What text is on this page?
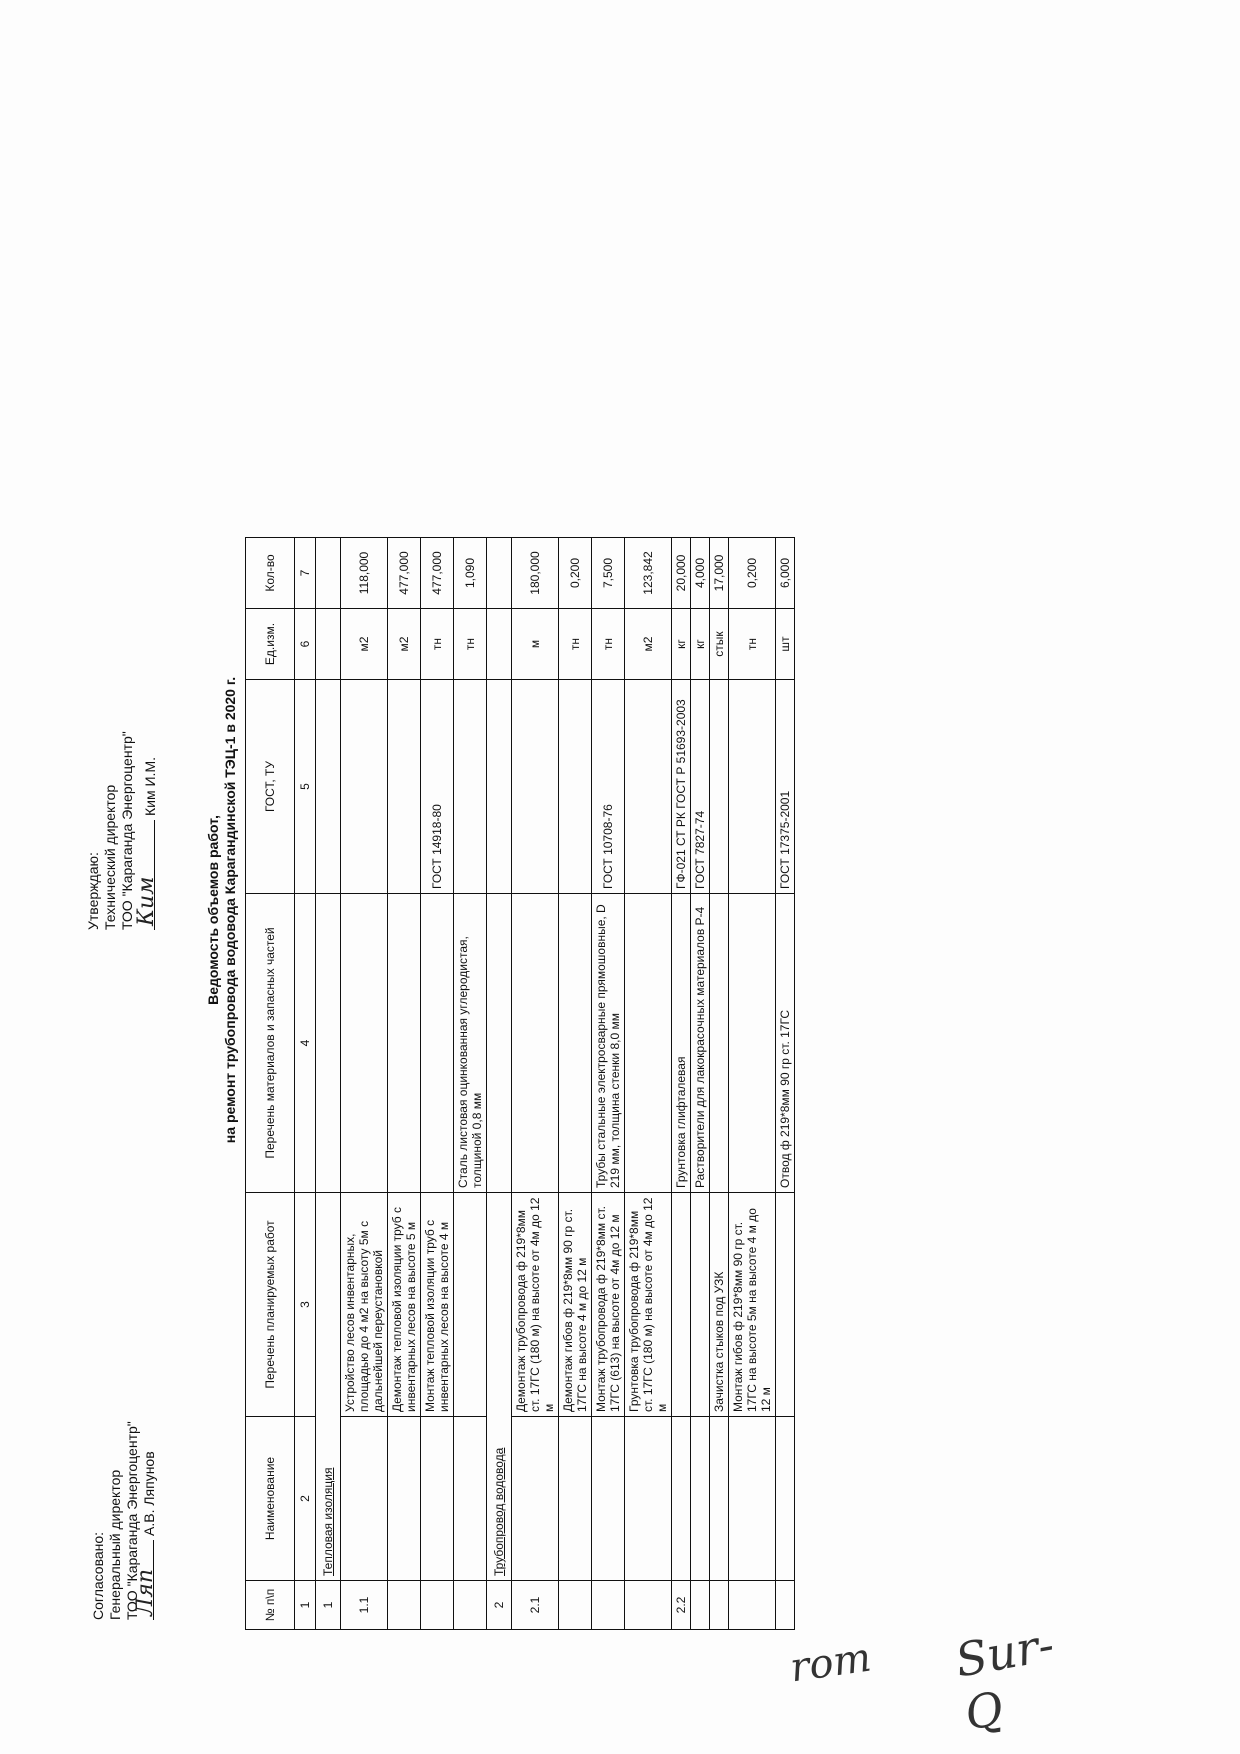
Согласовано: Генеральный директор ТОО "Караганда Энергоцентр"
Ляп
А.В. Ляпунов
Утверждаю: Технический директор ТОО "Караганда Энергоцентр" Ким
Ким И.М.
Ведомость объемов работ, на ремонт трубопровода водовода Карагандинской ТЭЦ-1 в 2020 г.
№ п\п	Наименование	Перечень планируемых работ	Перечень материалов и запасных частей	ГОСТ, ТУ	Ед.изм.	Кол-во
1	2	3	4	5	6	7
1	Тепловая изоляция					
1.1		Устройство лесов инвентарных, площадью до 4 м2 на высоту 5м с дальнейшей переустановкой			м2	118,000
		Демонтаж тепловой изоляции труб с инвентарных лесов на высоте 5 м			м2	477,000
		Монтаж тепловой изоляции труб с инвентарных лесов на высоте 4 м		ГОСТ 14918-80	тн	477,000
			Сталь листовая оцинкованная углеродистая, толщиной 0,8 мм		тн	1,090
2	Трубопровод водовода					
2.1		Демонтаж трубопровода ф 219*8мм ст. 17ГС (180 м) на высоте от 4м до 12 м			м	180,000
		Демонтаж гибов ф 219*8мм 90 гр ст. 17ГС на высоте 4 м до 12 м			тн	0,200
		Монтаж трубопровода ф 219*8мм ст. 17ГС (613) на высоте от 4м до 12 м	Трубы стальные электросварные прямошовные, D 219 мм, толщина стенки 8,0 мм	ГОСТ 10708-76	тн	7,500
		Грунтовка трубопровода ф 219*8мм ст. 17ГС (180 м) на высоте от 4м до 12 м			м2	123,842
2.2			Грунтовка глифталевая	ГФ-021 СТ РК ГОСТ Р 51693-2003	кг	20,000
			Растворители для лакокрасочных материалов Р-4	ГОСТ 7827-74	кг	4,000
		Зачистка стыков под УЗК			стык	17,000
		Монтаж гибов ф 219*8мм 90 гр ст. 17ГС на высоте 5м на высоте 4 м до 12 м			тн	0,200
			Отвод ф 219*8мм 90 гр ст. 17ГС	ГОСТ 17375-2001	шт	6,000
rom Sur-Q
